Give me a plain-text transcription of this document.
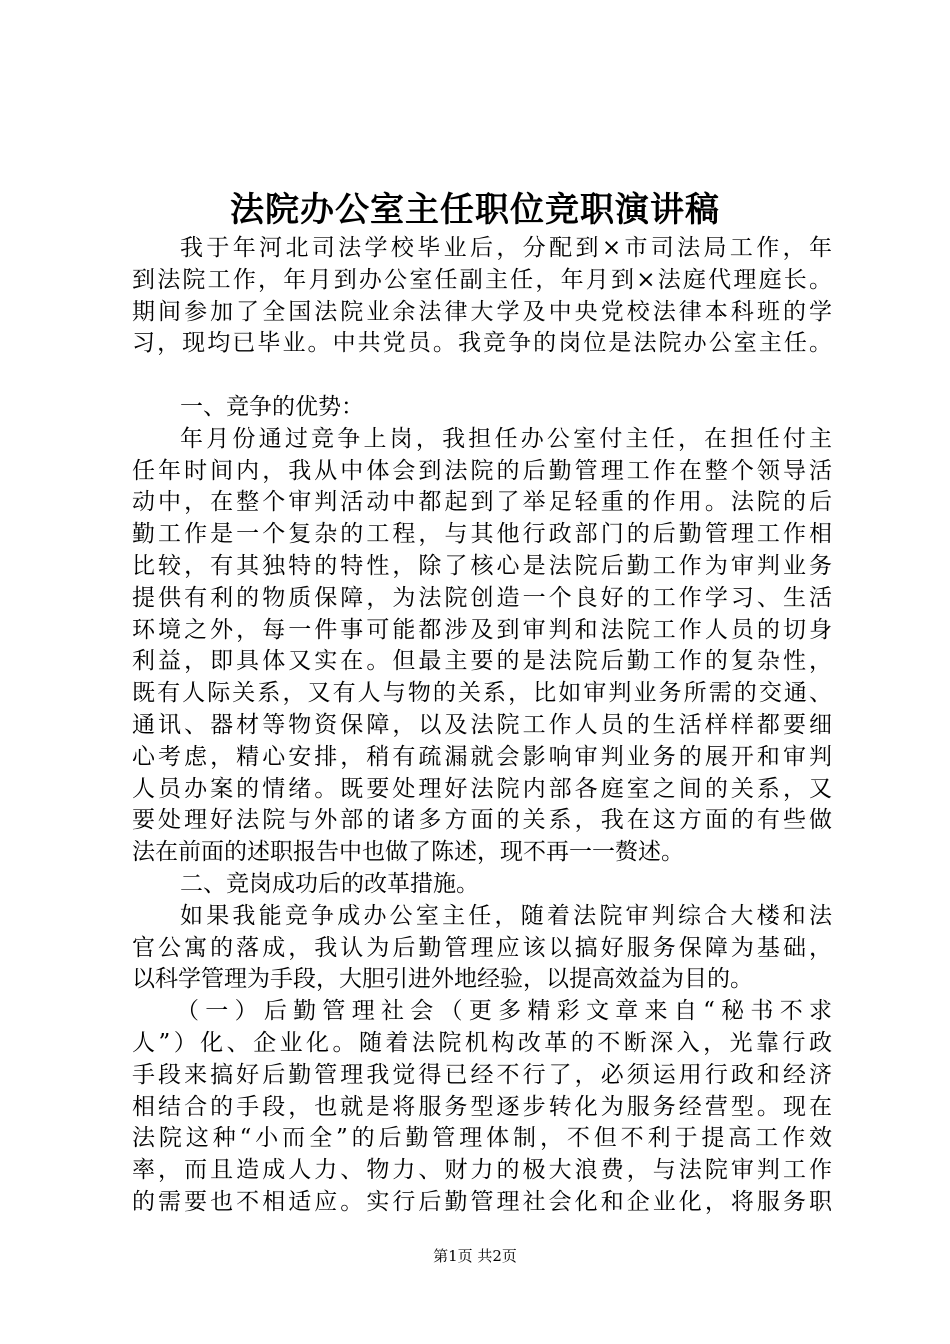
法院办公室主任职位竞职演讲稿
我于年河北司法学校毕业后，分配到×市司法局工作，年
到法院工作，年月到办公室任副主任，年月到×法庭代理庭长。
期间参加了全国法院业余法律大学及中央党校法律本科班的学
习，现均已毕业。中共党员。我竞争的岗位是法院办公室主任。
一、竞争的优势：
年月份通过竞争上岗，我担任办公室付主任，在担任付主
任年时间内，我从中体会到法院的后勤管理工作在整个领导活
动中，在整个审判活动中都起到了举足轻重的作用。法院的后
勤工作是一个复杂的工程，与其他行政部门的后勤管理工作相
比较，有其独特的特性，除了核心是法院后勤工作为审判业务
提供有利的物质保障，为法院创造一个良好的工作学习、生活
环境之外，每一件事可能都涉及到审判和法院工作人员的切身
利益，即具体又实在。但最主要的是法院后勤工作的复杂性，
既有人际关系，又有人与物的关系，比如审判业务所需的交通、
通讯、器材等物资保障，以及法院工作人员的生活样样都要细
心考虑，精心安排，稍有疏漏就会影响审判业务的展开和审判
人员办案的情绪。既要处理好法院内部各庭室之间的关系，又
要处理好法院与外部的诸多方面的关系，我在这方面的有些做
法在前面的述职报告中也做了陈述，现不再一一赘述。
二、竞岗成功后的改革措施。
如果我能竞争成办公室主任，随着法院审判综合大楼和法
官公寓的落成，我认为后勤管理应该以搞好服务保障为基础，
以科学管理为手段，大胆引进外地经验，以提高效益为目的。
（一）后勤管理社会（更多精彩文章来自“秘书不求
人”）化、企业化。随着法院机构改革的不断深入，光靠行政
手段来搞好后勤管理我觉得已经不行了，必须运用行政和经济
相结合的手段，也就是将服务型逐步转化为服务经营型。现在
法院这种“小而全”的后勤管理体制，不但不利于提高工作效
率，而且造成人力、物力、财力的极大浪费，与法院审判工作
的需要也不相适应。实行后勤管理社会化和企业化，将服务职
第1页 共2页
